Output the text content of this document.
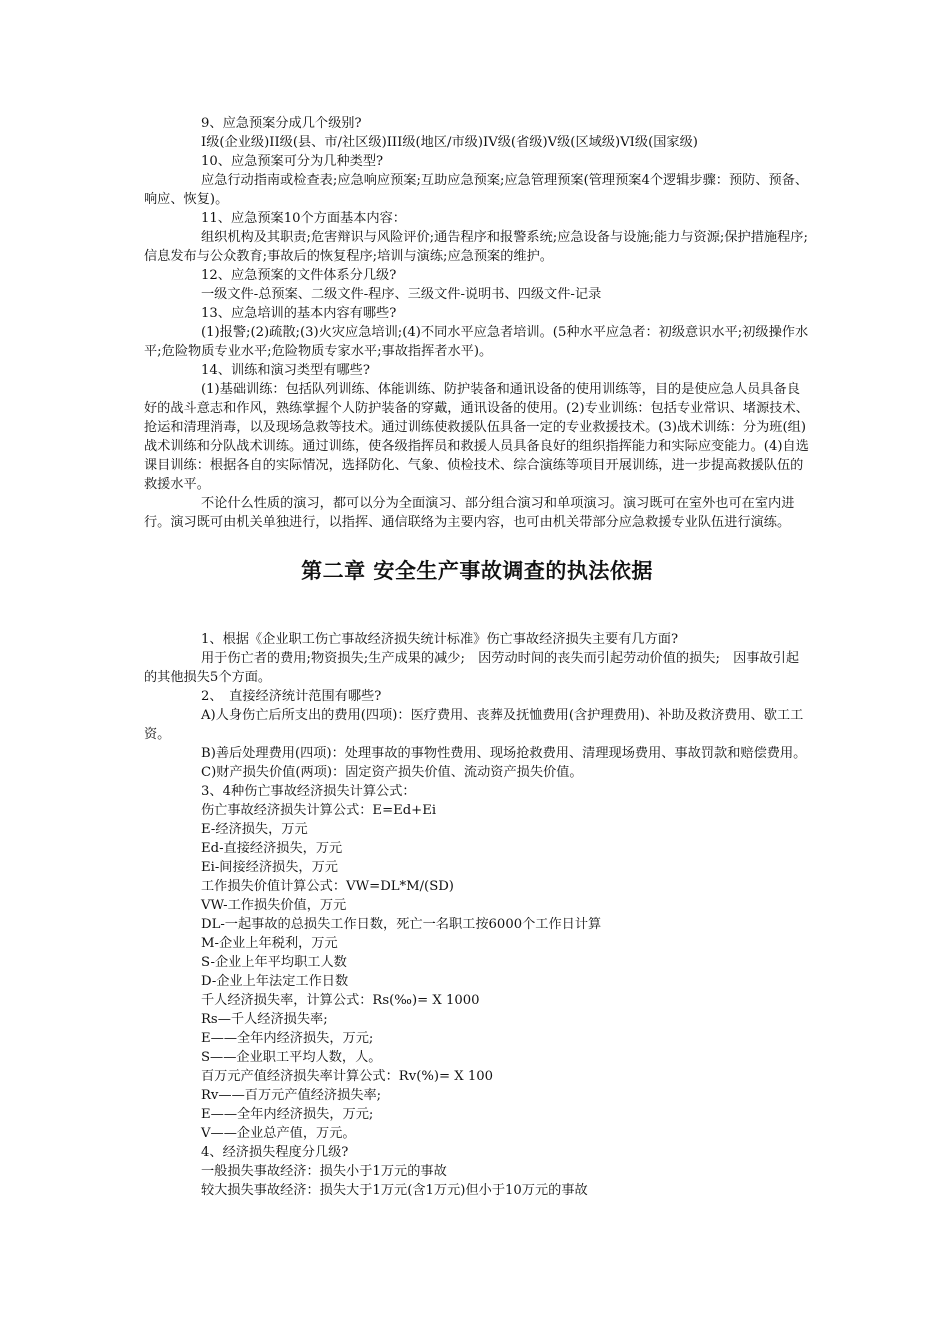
9、应急预案分成几个级别?

I级(企业级)II级(县、市/社区级)III级(地区/市级)IV级(省级)V级(区域级)VI级(国家级)

10、应急预案可分为几种类型?

应急行动指南或检查表;应急响应预案;互助应急预案;应急管理预案(管理预案4个逻辑步骤：预防、预备、响应、恢复)。

11、应急预案10个方面基本内容：

组织机构及其职责;危害辩识与风险评价;通告程序和报警系统;应急设备与设施;能力与资源;保护措施程序;信息发布与公众教育;事故后的恢复程序;培训与演练;应急预案的维护。

12、应急预案的文件体系分几级?

一级文件-总预案、二级文件-程序、三级文件-说明书、四级文件-记录

13、应急培训的基本内容有哪些?

(1)报警;(2)疏散;(3)火灾应急培训;(4)不同水平应急者培训。(5种水平应急者：初级意识水平;初级操作水平;危险物质专业水平;危险物质专家水平;事故指挥者水平)。

14、训练和演习类型有哪些?

(1)基础训练：包括队列训练、体能训练、防护装备和通讯设备的使用训练等，目的是使应急人员具备良好的战斗意志和作风，熟练掌握个人防护装备的穿戴，通讯设备的使用。(2)专业训练：包括专业常识、堵源技术、抢运和清理消毒，以及现场急救等技术。通过训练使救援队伍具备一定的专业救援技术。(3)战术训练：分为班(组)战术训练和分队战术训练。通过训练，使各级指挥员和救援人员具备良好的组织指挥能力和实际应变能力。(4)自选课目训练：根据各自的实际情况，选择防化、气象、侦检技术、综合演练等项目开展训练，进一步提高救援队伍的救援水平。

不论什么性质的演习，都可以分为全面演习、部分组合演习和单项演习。演习既可在室外也可在室内进行。演习既可由机关单独进行，以指挥、通信联络为主要内容，也可由机关带部分应急救援专业队伍进行演练。

第二章 安全生产事故调查的执法依据

1、根据《企业职工伤亡事故经济损失统计标准》伤亡事故经济损失主要有几方面?

用于伤亡者的费用;物资损失;生产成果的减少;　因劳动时间的丧失而引起劳动价值的损失;　因事故引起的其他损失5个方面。

2、　直接经济统计范围有哪些?

A)人身伤亡后所支出的费用(四项)：医疗费用、丧葬及抚恤费用(含护理费用)、补助及救济费用、歇工工资。

B)善后处理费用(四项)：处理事故的事物性费用、现场抢救费用、清理现场费用、事故罚款和赔偿费用。

C)财产损失价值(两项)：固定资产损失价值、流动资产损失价值。

3、4种伤亡事故经济损失计算公式：

伤亡事故经济损失计算公式：E=Ed+Ei

E-经济损失，万元

Ed-直接经济损失，万元

Ei-间接经济损失，万元

工作损失价值计算公式：VW=DL*M/(SD)

VW-工作损失价值，万元

DL-一起事故的总损失工作日数，死亡一名职工按6000个工作日计算

M-企业上年税利，万元

S-企业上年平均职工人数

D-企业上年法定工作日数

千人经济损失率，计算公式：Rs(‰)= X 1000

Rs—千人经济损失率;

E——全年内经济损失，万元;

S——企业职工平均人数，人。

百万元产值经济损失率计算公式：Rv(%)= X 100

Rv——百万元产值经济损失率;

E——全年内经济损失，万元;

V——企业总产值，万元。

4、经济损失程度分几级?

一般损失事故经济：损失小于1万元的事故

较大损失事故经济：损失大于1万元(含1万元)但小于10万元的事故
